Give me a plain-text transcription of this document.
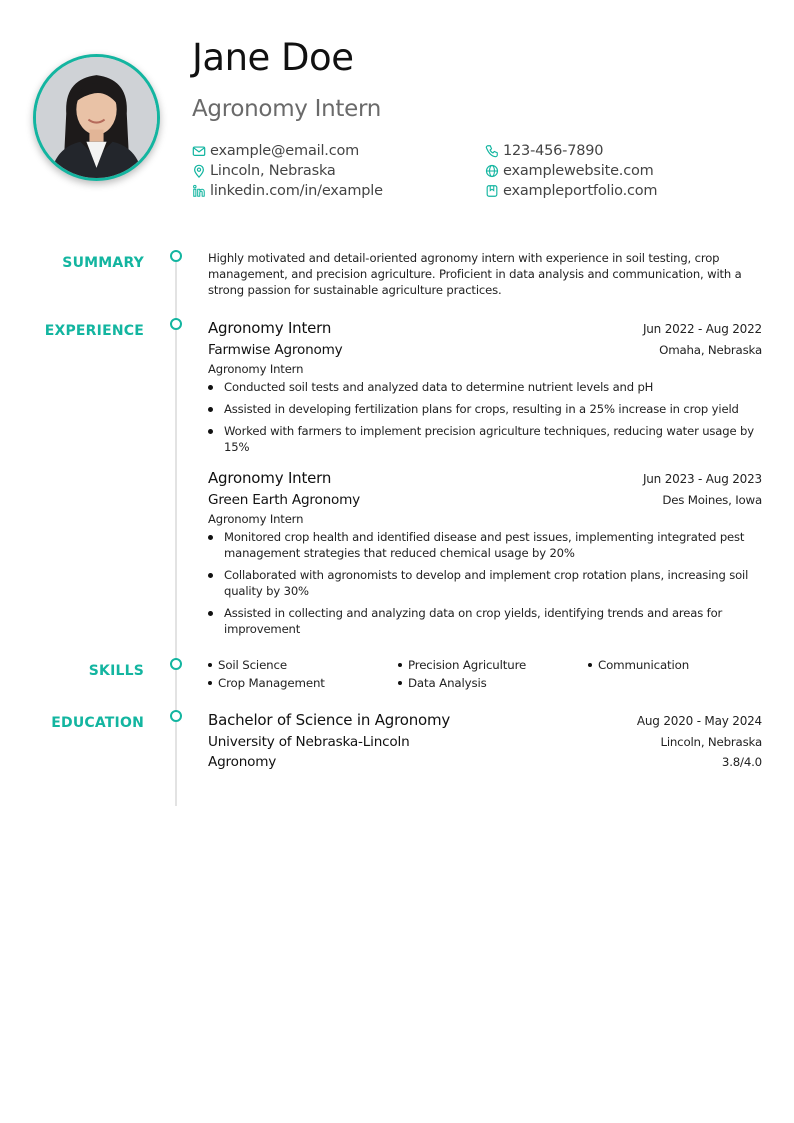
Jane Doe
Agronomy Intern
example@email.com	123-456-7890
Lincoln, Nebraska	examplewebsite.com
linkedin.com/in/example	exampleportfolio.com
SUMMARY	Highly motivated and detail-oriented agronomy intern with experience in soil testing, crop management, and precision agriculture. Proficient in data analysis and communication, with a strong passion for sustainable agriculture practices.
EXPERIENCE	Agronomy Intern	Jun 2022 - Aug 2022
Farmwise Agronomy	Omaha, Nebraska
Agronomy Intern
Conducted soil tests and analyzed data to determine nutrient levels and pH
Assisted in developing fertilization plans for crops, resulting in a 25% increase in crop yield
Worked with farmers to implement precision agriculture techniques, reducing water usage by 15%
Agronomy Intern	Jun 2023 - Aug 2023
Green Earth Agronomy	Des Moines, Iowa
Agronomy Intern
Monitored crop health and identified disease and pest issues, implementing integrated pest management strategies that reduced chemical usage by 20%
Collaborated with agronomists to develop and implement crop rotation plans, increasing soil quality by 30%
Assisted in collecting and analyzing data on crop yields, identifying trends and areas for improvement
SKILLS	Soil Science	Precision Agriculture	Communication
Crop Management	Data Analysis
EDUCATION	Bachelor of Science in Agronomy	Aug 2020 - May 2024
University of Nebraska-Lincoln	Lincoln, Nebraska
Agronomy	3.8/4.0
